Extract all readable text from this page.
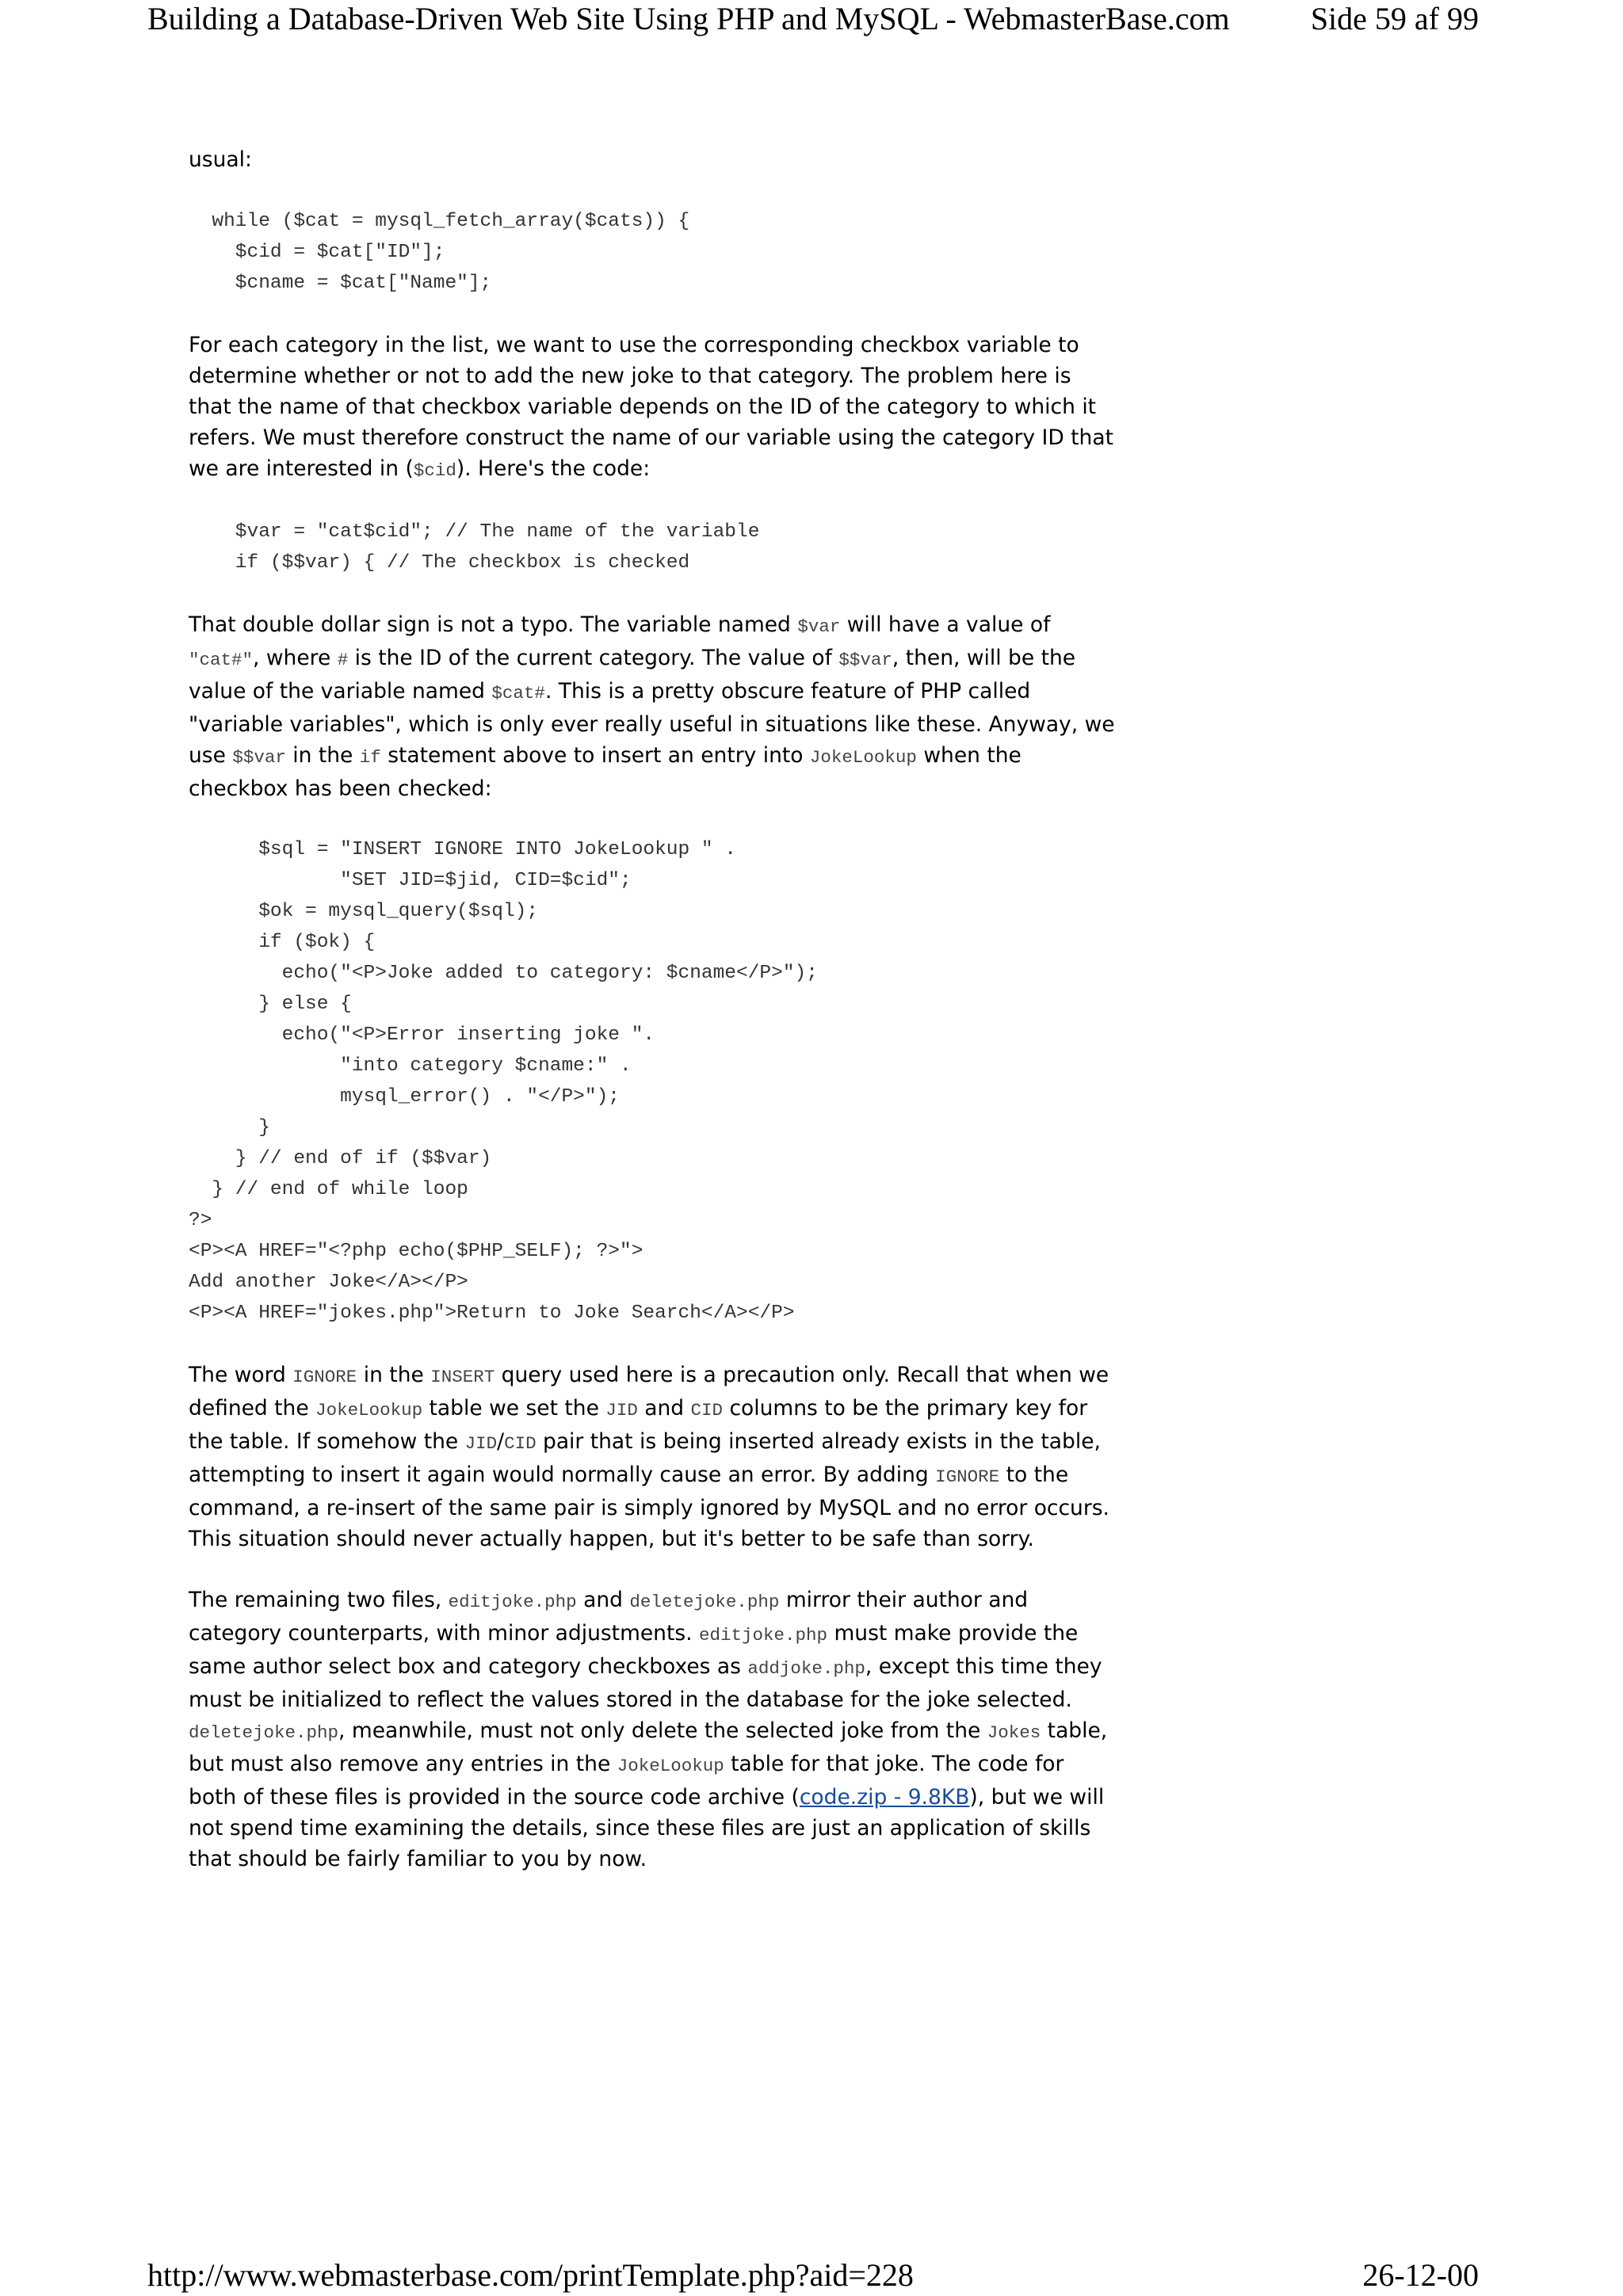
Building a Database-Driven Web Site Using PHP and MySQL - WebmasterBase.com	Side 59 af 99

usual:

while ($cat = mysql_fetch_array($cats)) {
$cid = $cat["ID"];
$cname = $cat["Name"];

For each category in the list, we want to use the corresponding checkbox variable to determine whether or not to add the new joke to that category. The problem here is that the name of that checkbox variable depends on the ID of the category to which it refers. We must therefore construct the name of our variable using the category ID that we are interested in ($cid). Here's the code:

$var = "cat$cid"; // The name of the variable
if ($$var) { // The checkbox is checked

That double dollar sign is not a typo. The variable named $var will have a value of "cat#", where # is the ID of the current category. The value of $$var, then, will be the value of the variable named $cat#. This is a pretty obscure feature of PHP called "variable variables", which is only ever really useful in situations like these. Anyway, we use $$var in the if statement above to insert an entry into JokeLookup when the checkbox has been checked:

$sql = "INSERT IGNORE INTO JokeLookup " .
"SET JID=$jid, CID=$cid";
$ok = mysql_query($sql);
if ($ok) {
echo("<P>Joke added to category: $cname</P>");
} else {
echo("<P>Error inserting joke ".
"into category $cname:" .
mysql_error() . "</P>");
}
} // end of if ($$var)
} // end of while loop
?>
<P><A HREF="<?php echo($PHP_SELF); ?>">
Add another Joke</A></P>
<P><A HREF="jokes.php">Return to Joke Search</A></P>

The word IGNORE in the INSERT query used here is a precaution only. Recall that when we defined the JokeLookup table we set the JID and CID columns to be the primary key for the table. If somehow the JID/CID pair that is being inserted already exists in the table, attempting to insert it again would normally cause an error. By adding IGNORE to the command, a re-insert of the same pair is simply ignored by MySQL and no error occurs. This situation should never actually happen, but it's better to be safe than sorry.

The remaining two files, editjoke.php and deletejoke.php mirror their author and category counterparts, with minor adjustments. editjoke.php must make provide the same author select box and category checkboxes as addjoke.php, except this time they must be initialized to reflect the values stored in the database for the joke selected. deletejoke.php, meanwhile, must not only delete the selected joke from the Jokes table, but must also remove any entries in the JokeLookup table for that joke. The code for both of these files is provided in the source code archive (code.zip - 9.8KB), but we will not spend time examining the details, since these files are just an application of skills that should be fairly familiar to you by now.

http://www.webmasterbase.com/printTemplate.php?aid=228	26-12-00
